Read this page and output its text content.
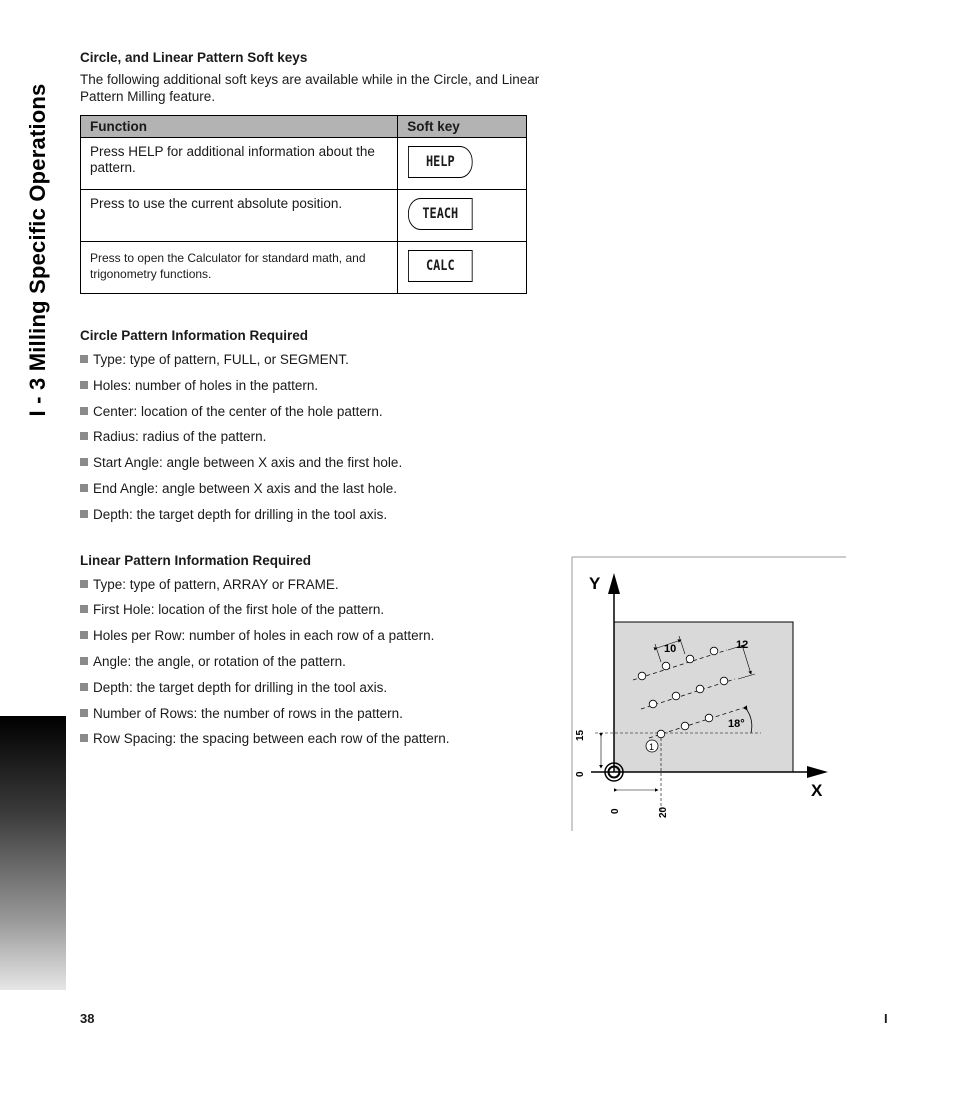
I - 3 Milling Specific Operations
Circle, and Linear Pattern Soft keys

The following additional soft keys are available while in the Circle, and Linear Pattern Milling feature.

Function	Soft key
Press HELP for additional information about the pattern.	HELP

Press to use the current absolute position.	TEACH

Press to open the Calculator for standard math, and trigonometry functions.	CALC
Circle Pattern Information Required
Type: type of pattern, FULL, or SEGMENT.
Holes: number of holes in the pattern.
Center: location of the center of the hole pattern.
Radius: radius of the pattern.
Start Angle: angle between X axis and the first hole.
End Angle: angle between X axis and the last hole.
Depth: the target depth for drilling in the tool axis.
Linear Pattern Information Required
Type: type of pattern, ARRAY or FRAME.
First Hole: location of the first hole of the pattern.
Holes per Row: number of holes in each row of a pattern.
Angle: the angle, or rotation of the pattern.
Depth: the target depth for drilling in the tool axis.
Number of Rows: the number of rows in the pattern.
Row Spacing: the spacing between each row of the pattern.
Y
X
15
0
0	20
1
10	12
18°
38	I
